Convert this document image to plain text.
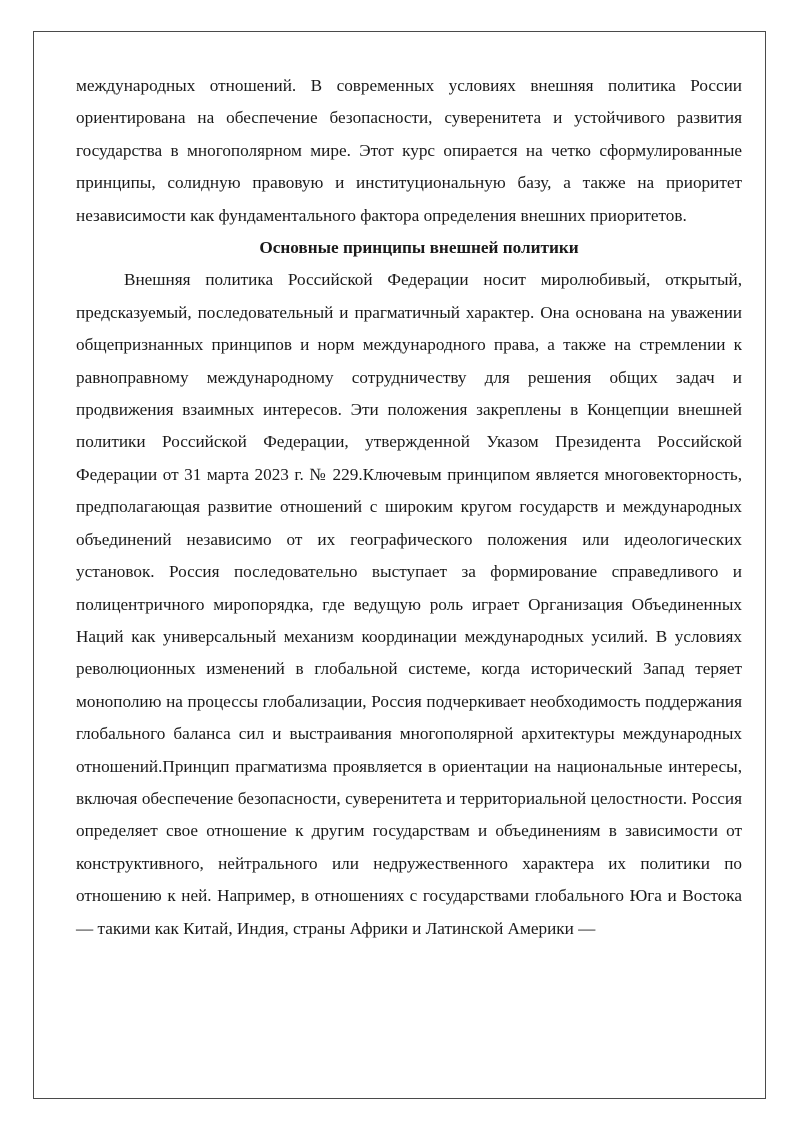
международных отношений. В современных условиях внешняя политика России ориентирована на обеспечение безопасности, суверенитета и устойчивого развития государства в многополярном мире. Этот курс опирается на четко сформулированные принципы, солидную правовую и институциональную базу, а также на приоритет независимости как фундаментального фактора определения внешних приоритетов.

Основные принципы внешней политики

Внешняя политика Российской Федерации носит миролюбивый, открытый, предсказуемый, последовательный и прагматичный характер. Она основана на уважении общепризнанных принципов и норм международного права, а также на стремлении к равноправному международному сотрудничеству для решения общих задач и продвижения взаимных интересов. Эти положения закреплены в Концепции внешней политики Российской Федерации, утвержденной Указом Президента Российской Федерации от 31 марта 2023 г. № 229.Ключевым принципом является многовекторность, предполагающая развитие отношений с широким кругом государств и международных объединений независимо от их географического положения или идеологических установок. Россия последовательно выступает за формирование справедливого и полицентричного миропорядка, где ведущую роль играет Организация Объединенных Наций как универсальный механизм координации международных усилий. В условиях революционных изменений в глобальной системе, когда исторический Запад теряет монополию на процессы глобализации, Россия подчеркивает необходимость поддержания глобального баланса сил и выстраивания многополярной архитектуры международных отношений.Принцип прагматизма проявляется в ориентации на национальные интересы, включая обеспечение безопасности, суверенитета и территориальной целостности. Россия определяет свое отношение к другим государствам и объединениям в зависимости от конструктивного, нейтрального или недружественного характера их политики по отношению к ней. Например, в отношениях с государствами глобального Юга и Востока — такими как Китай, Индия, страны Африки и Латинской Америки —
